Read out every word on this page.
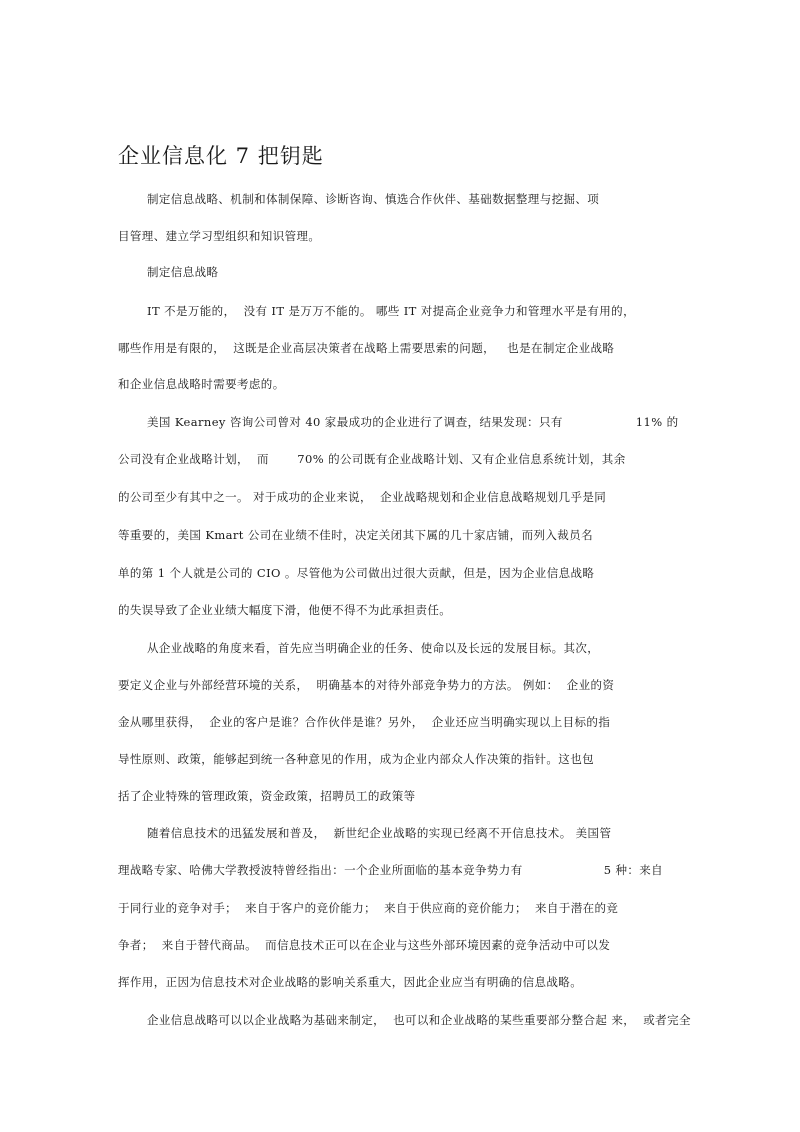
企业信息化 7 把钥匙
制定信息战略、机制和体制保障、诊断咨询、慎选合作伙伴、基础数据整理与挖掘、项
目管理、建立学习型组织和知识管理。
制定信息战略
IT 不是万能的，  没有 IT 是万万不能的。 哪些 IT 对提高企业竞争力和管理水平是有用的，
哪些作用是有限的，  这既是企业高层决策者在战略上需要思索的问题，   也是在制定企业战略
和企业信息战略时需要考虑的。
美国 Kearney 咨询公司曾对 40 家最成功的企业进行了调查，结果发现：只有                  11% 的
公司没有企业战略计划，  而       70% 的公司既有企业战略计划、又有企业信息系统计划，其余
的公司至少有其中之一。 对于成功的企业来说，  企业战略规划和企业信息战略规划几乎是同
等重要的，美国 Kmart 公司在业绩不佳时，决定关闭其下属的几十家店铺，而列入裁员名
单的第 1 个人就是公司的 CIO 。尽管他为公司做出过很大贡献，但是，因为企业信息战略
的失误导致了企业业绩大幅度下滑，他便不得不为此承担责任。
从企业战略的角度来看，首先应当明确企业的任务、使命以及长远的发展目标。其次，
要定义企业与外部经营环境的关系，  明确基本的对待外部竞争势力的方法。 例如：  企业的资
金从哪里获得，  企业的客户是谁？合作伙伴是谁？另外，  企业还应当明确实现以上目标的指
导性原则、政策，能够起到统一各种意见的作用，成为企业内部众人作决策的指针。这也包
括了企业特殊的管理政策，资金政策，招聘员工的政策等
随着信息技术的迅猛发展和普及，  新世纪企业战略的实现已经离不开信息技术。 美国管
理战略专家、哈佛大学教授波特曾经指出：一个企业所面临的基本竞争势力有                    5 种：来自
于同行业的竞争对手；  来自于客户的竞价能力；  来自于供应商的竞价能力；  来自于潜在的竞
争者；  来自于替代商品。  而信息技术正可以在企业与这些外部环境因素的竞争活动中可以发
挥作用，正因为信息技术对企业战略的影响关系重大，因此企业应当有明确的信息战略。
企业信息战略可以以企业战略为基础来制定，  也可以和企业战略的某些重要部分整合起 来，  或者完全
